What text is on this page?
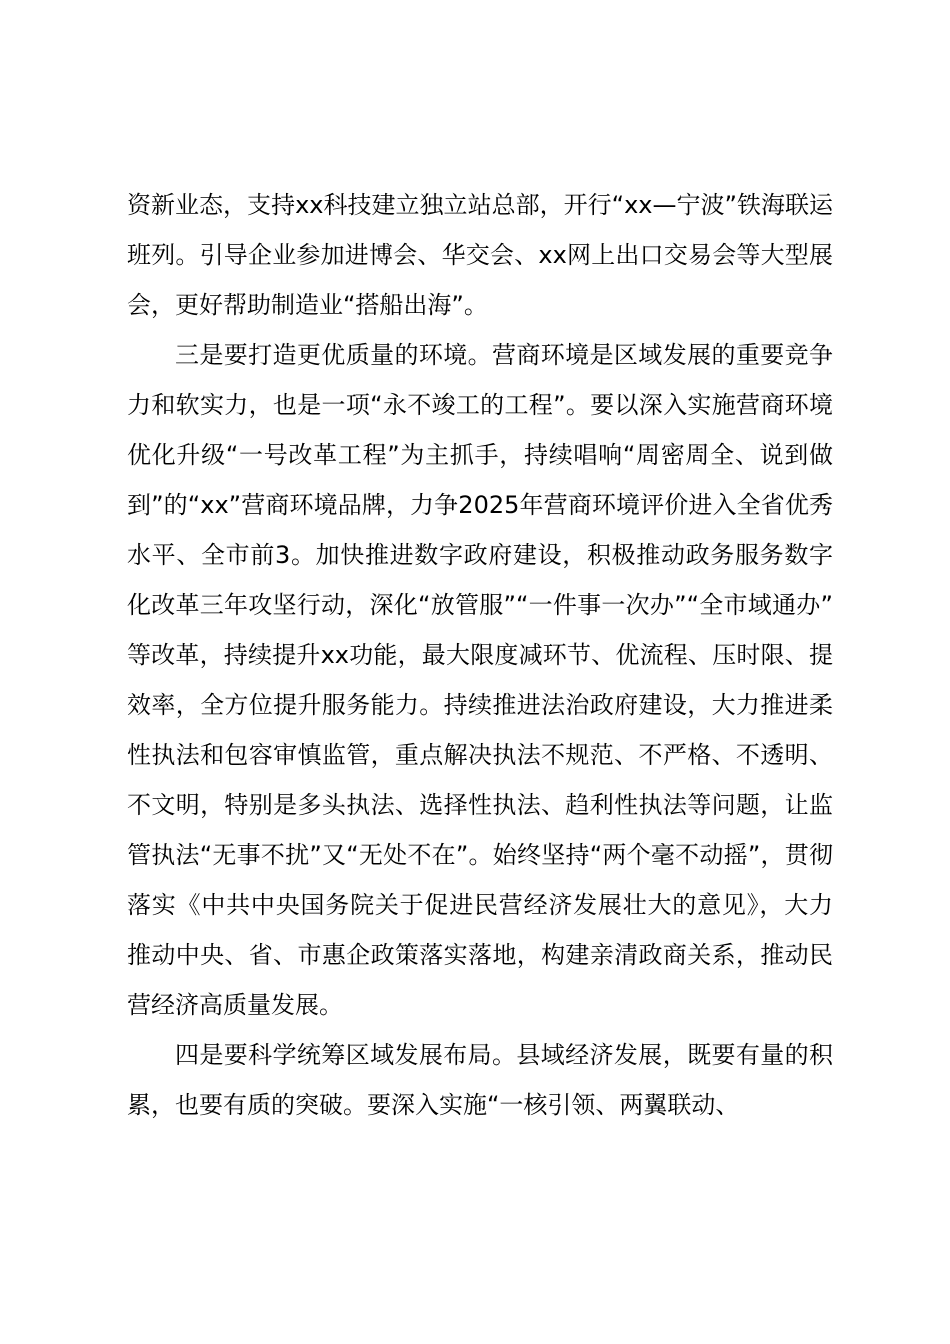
资新业态，支持xx科技建立独立站总部，开行“xx—宁波”铁海联运班列。引导企业参加进博会、华交会、xx网上出口交易会等大型展会，更好帮助制造业“搭船出海”。

三是要打造更优质量的环境。营商环境是区域发展的重要竞争力和软实力，也是一项“永不竣工的工程”。要以深入实施营商环境优化升级“一号改革工程”为主抓手，持续唱响“周密周全、说到做到”的“xx”营商环境品牌，力争2025年营商环境评价进入全省优秀水平、全市前3。加快推进数字政府建设，积极推动政务服务数字化改革三年攻坚行动，深化“放管服”“一件事一次办”“全市域通办”等改革，持续提升xx功能，最大限度减环节、优流程、压时限、提效率，全方位提升服务能力。持续推进法治政府建设，大力推进柔性执法和包容审慎监管，重点解决执法不规范、不严格、不透明、不文明，特别是多头执法、选择性执法、趋利性执法等问题，让监管执法“无事不扰”又“无处不在”。始终坚持“两个毫不动摇”，贯彻落实《中共中央国务院关于促进民营经济发展壮大的意见》，大力推动中央、省、市惠企政策落实落地，构建亲清政商关系，推动民营经济高质量发展。

四是要科学统筹区域发展布局。县域经济发展，既要有量的积累，也要有质的突破。要深入实施“一核引领、两翼联动、
